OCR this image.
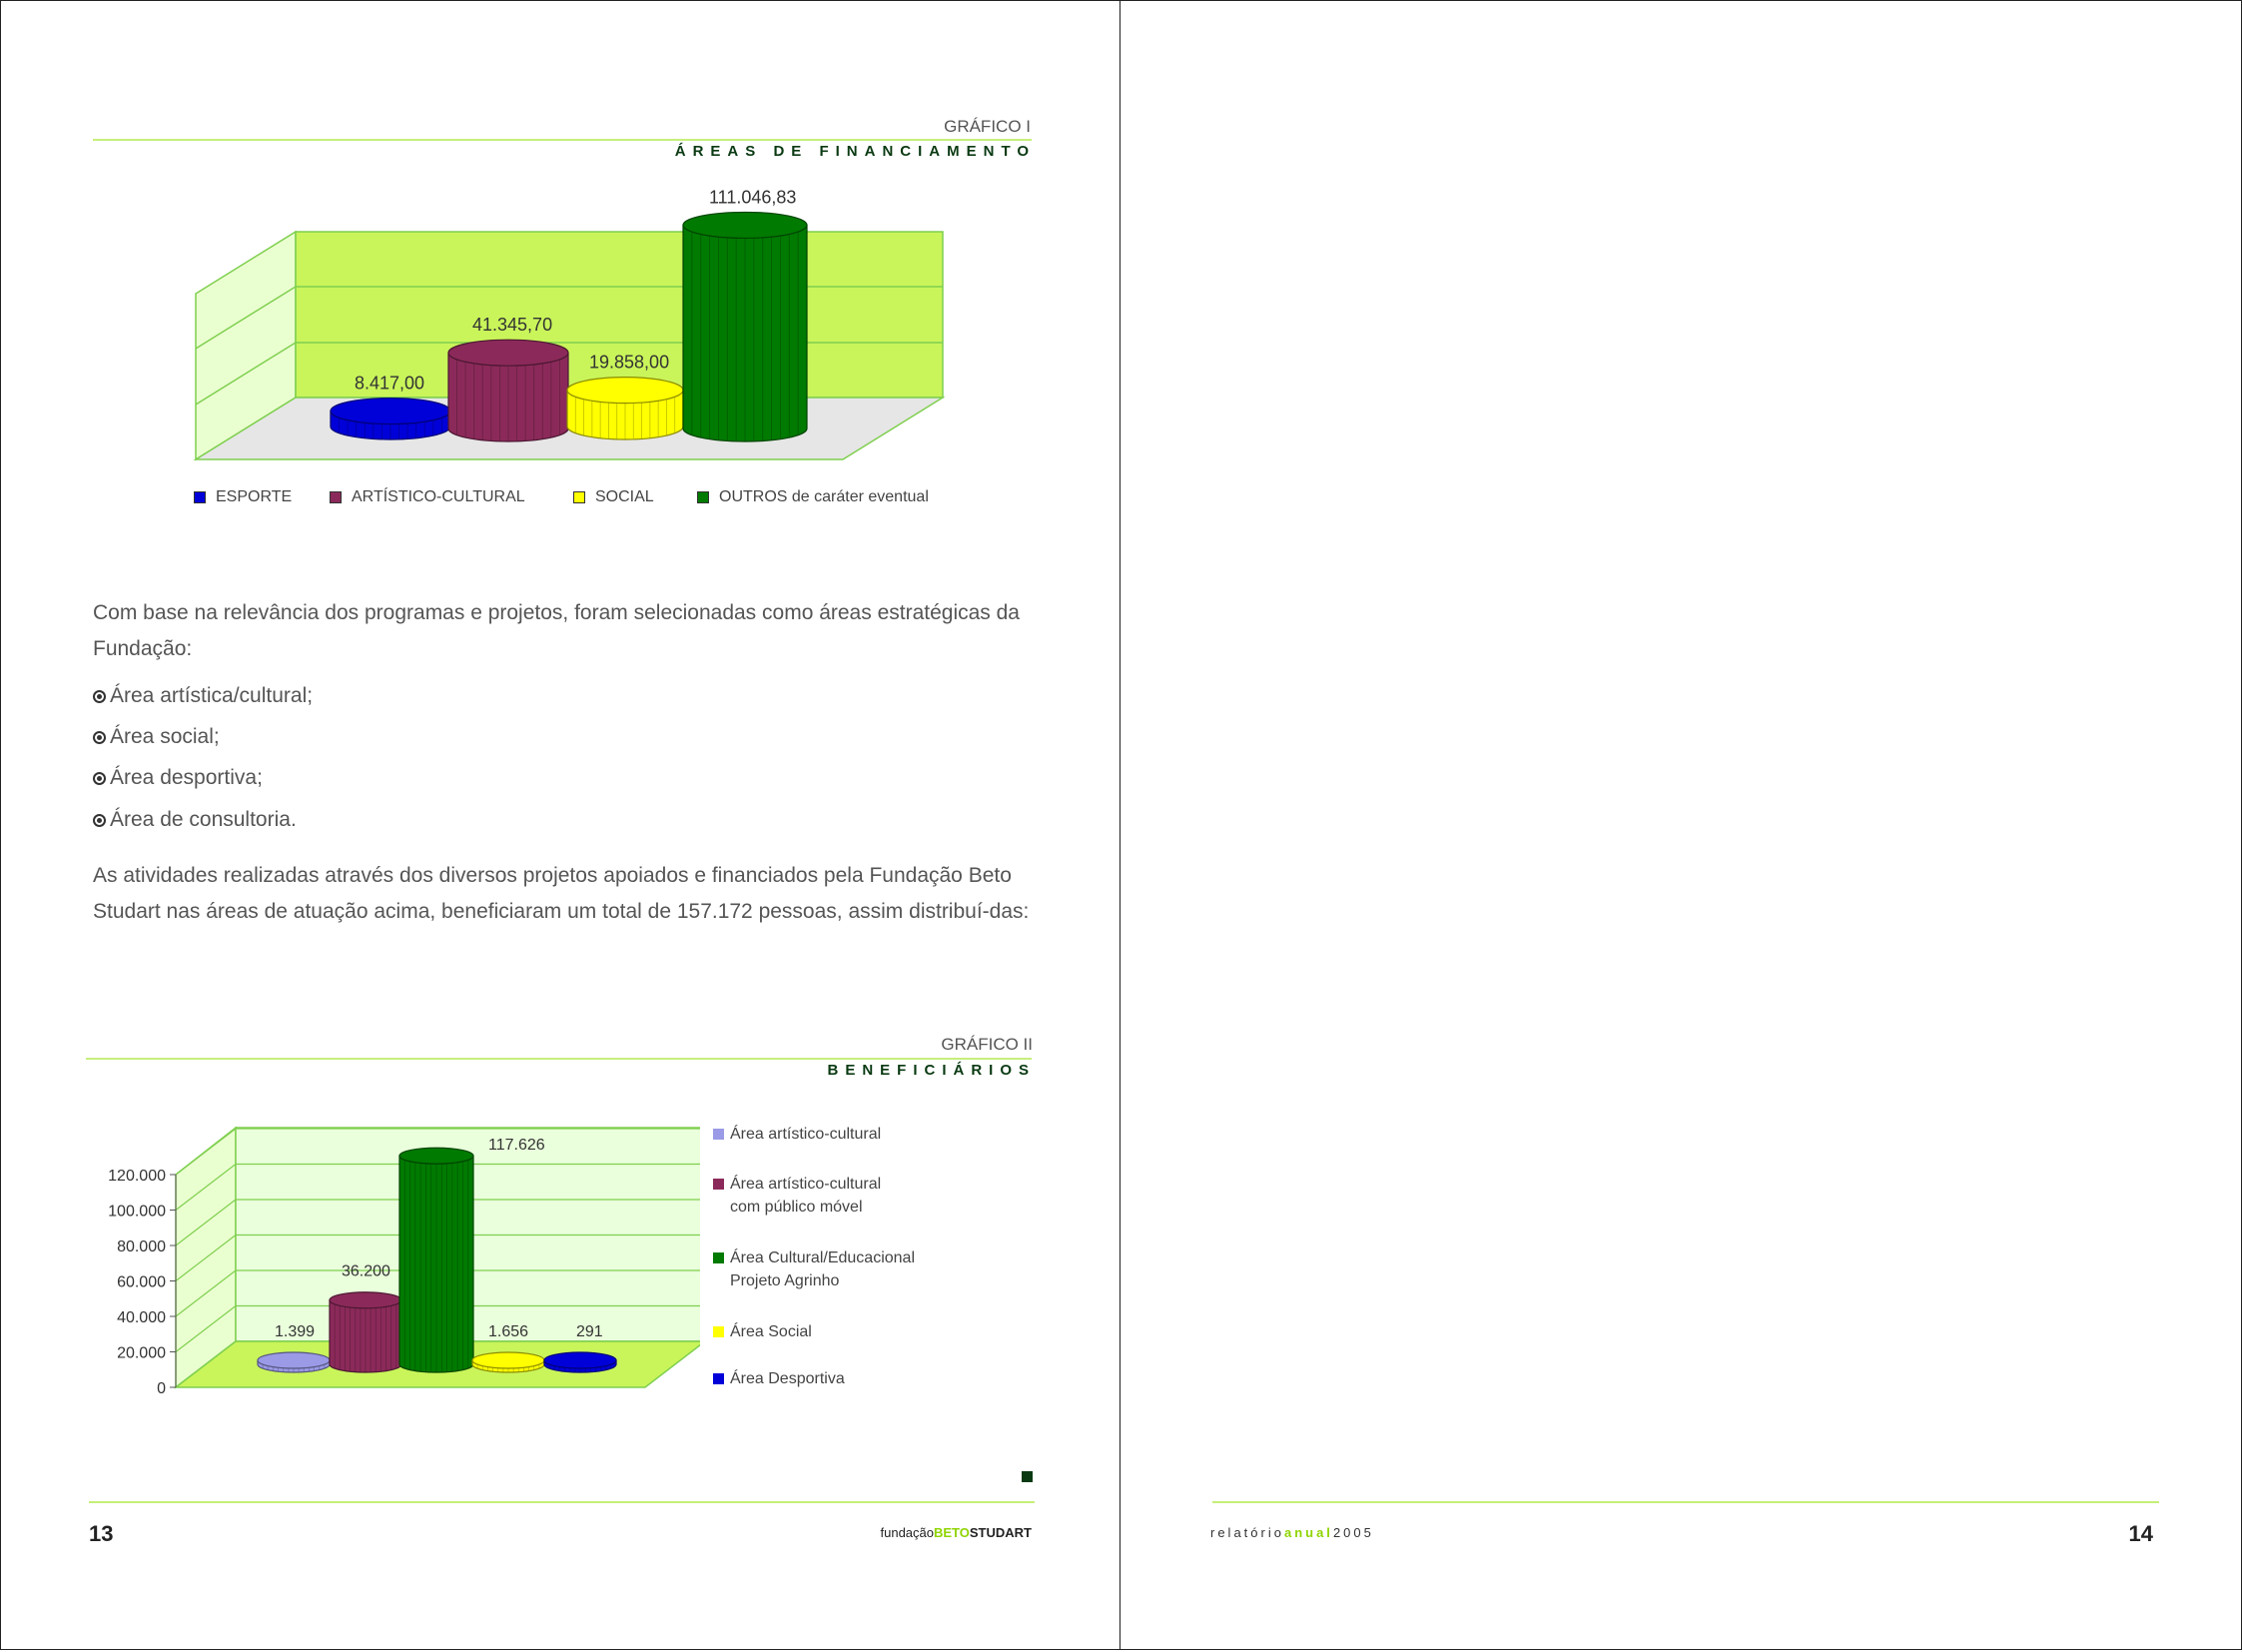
GRÁFICO I
ÁREAS DE FINANCIAMENTO
8.417,00
41.345,70
19.858,00
111.046,83
ESPORTE	ARTÍSTICO-CULTURAL	SOCIAL	OUTROS de caráter eventual
Com base na relevância dos programas e projetos, foram selecionadas como áreas estratégicas da Fundação:
Área artística/cultural;
Área social;
Área desportiva;
Área de consultoria.
As atividades realizadas através dos diversos projetos apoiados e financiados pela Fundação Beto Studart nas áreas de atuação acima, beneficiaram um total de 157.172 pessoas, assim distribuí-das:
GRÁFICO II
BENEFICIÁRIOS
0
20.000
40.000
60.000
80.000
100.000
120.000
1.399
36.200
117.626
1.656	291
Área artístico-cultural
Área artístico-cultural
com público móvel
Área Cultural/Educacional
Projeto Agrinho
Área Social
Área Desportiva
13	fundaçãoBETOSTUDART	relatórioanual2005	14
